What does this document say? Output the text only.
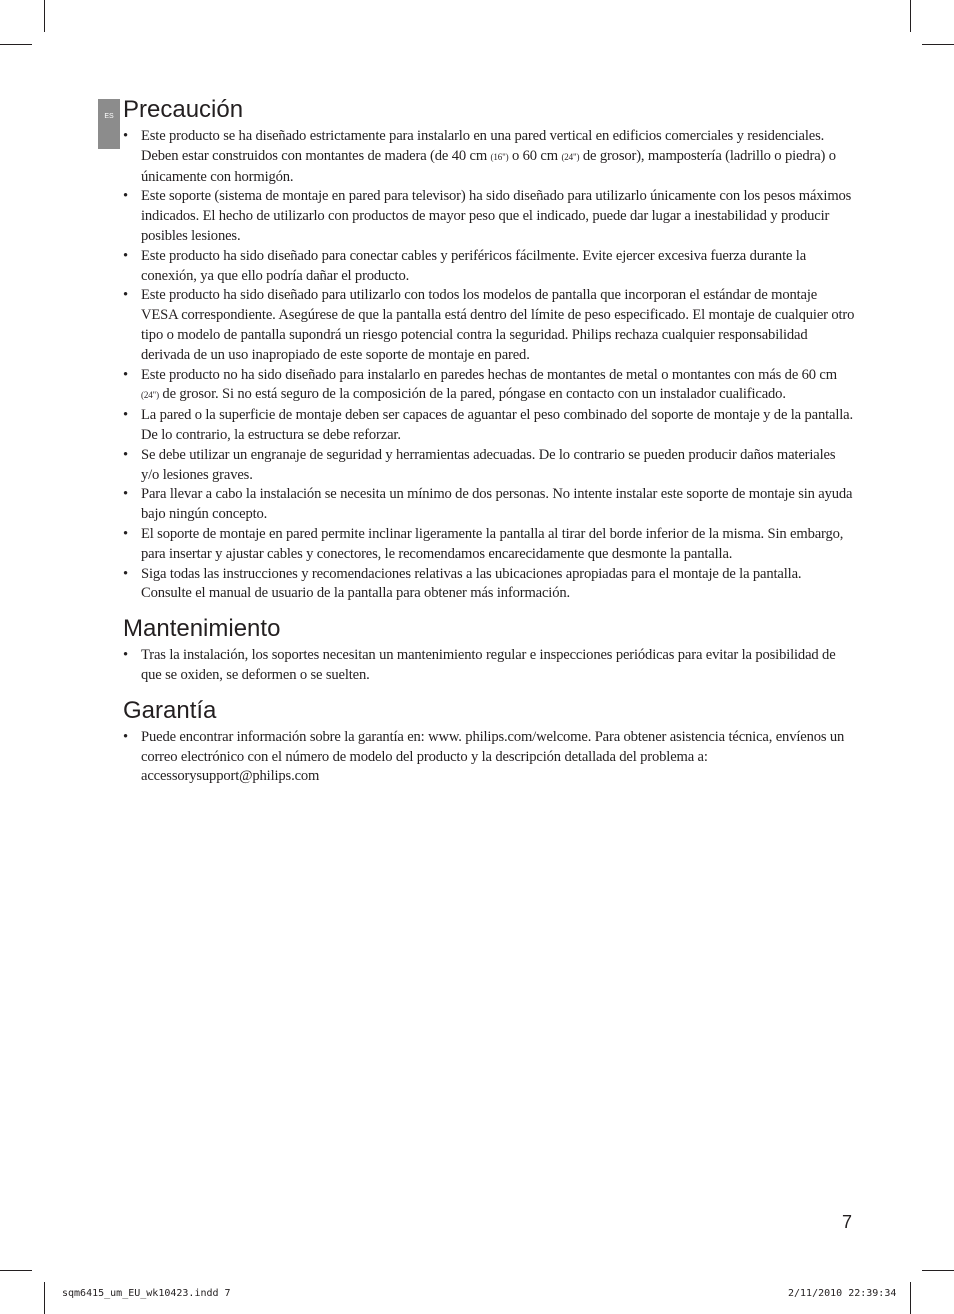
ES Precaución
• Este producto se ha diseñado estrictamente para instalarlo en una pared vertical en edificios comerciales y residenciales. Deben estar construidos con montantes de madera (de 40 cm (16") o 60 cm (24") de grosor), mampostería (ladrillo o piedra) o únicamente con hormigón.
• Este soporte (sistema de montaje en pared para televisor) ha sido diseñado para utilizarlo únicamente con los pesos máximos indicados. El hecho de utilizarlo con productos de mayor peso que el indicado, puede dar lugar a inestabilidad y producir posibles lesiones.
• Este producto ha sido diseñado para conectar cables y periféricos fácilmente. Evite ejercer excesiva fuerza durante la conexión, ya que ello podría dañar el producto.
• Este producto ha sido diseñado para utilizarlo con todos los modelos de pantalla que incorporan el estándar de montaje VESA correspondiente. Asegúrese de que la pantalla está dentro del límite de peso especificado. El montaje de cualquier otro tipo o modelo de pantalla supondrá un riesgo potencial contra la seguridad. Philips rechaza cualquier responsabilidad derivada de un uso inapropiado de este soporte de montaje en pared.
• Este producto no ha sido diseñado para instalarlo en paredes hechas de montantes de metal o montantes con más de 60 cm (24") de grosor. Si no está seguro de la composición de la pared, póngase en contacto con un instalador cualificado.
• La pared o la superficie de montaje deben ser capaces de aguantar el peso combinado del soporte de montaje y de la pantalla. De lo contrario, la estructura se debe reforzar.
• Se debe utilizar un engranaje de seguridad y herramientas adecuadas. De lo contrario se pueden producir daños materiales y/o lesiones graves.
• Para llevar a cabo la instalación se necesita un mínimo de dos personas. No intente instalar este soporte de montaje sin ayuda bajo ningún concepto.
• El soporte de montaje en pared permite inclinar ligeramente la pantalla al tirar del borde inferior de la misma. Sin embargo, para insertar y ajustar cables y conectores, le recomendamos encarecidamente que desmonte la pantalla.
• Siga todas las instrucciones y recomendaciones relativas a las ubicaciones apropiadas para el montaje de la pantalla. Consulte el manual de usuario de la pantalla para obtener más información.
Mantenimiento
• Tras la instalación, los soportes necesitan un mantenimiento regular e inspecciones periódicas para evitar la posibilidad de que se oxiden, se deformen o se suelten.
Garantía
• Puede encontrar información sobre la garantía en: www. philips.com/welcome. Para obtener asistencia técnica, envíenos un correo electrónico con el número de modelo del producto y la descripción detallada del problema a: accessorysupport@philips.com
7
sqm6415_um_EU_wk10423.indd 7	2/11/2010 22:39:34
